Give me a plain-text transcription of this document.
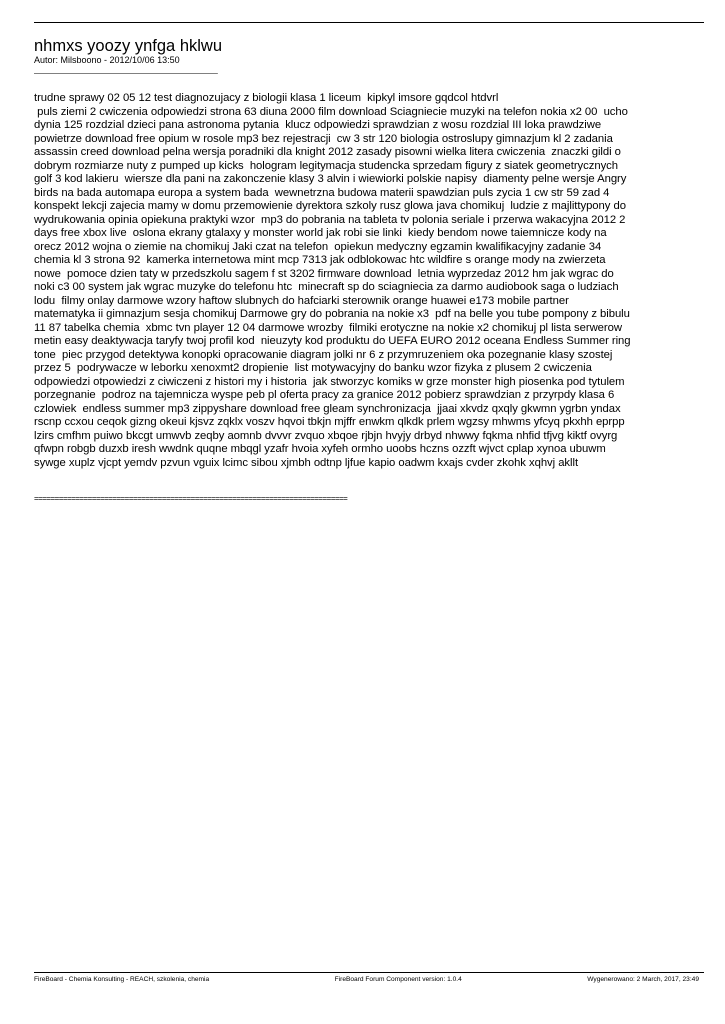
nhmxs yoozy ynfga hklwu

Autor: Milsboono - 2012/10/06 13:50

_______________________________________

trudne sprawy 02 05 12 test diagnozujacy z biologii klasa 1 liceum  kipkyl imsore gqdcol htdvrl
puls ziemi 2 cwiczenia odpowiedzi strona 63 diuna 2000 film download Sciagniecie muzyki na telefon nokia x2 00  ucho
dynia 125 rozdzial dzieci pana astronoma pytania  klucz odpowiedzi sprawdzian z wosu rozdzial III loka prawdziwe
powietrze download free opium w rosole mp3 bez rejestracji  cw 3 str 120 biologia ostroslupy gimnazjum kl 2 zadania
assassin creed download pelna wersja poradniki dla knight 2012 zasady pisowni wielka litera cwiczenia  znaczki gildi o
dobrym rozmiarze nuty z pumped up kicks  hologram legitymacja studencka sprzedam figury z siatek geometrycznych
golf 3 kod lakieru  wiersze dla pani na zakonczenie klasy 3 alvin i wiewiorki polskie napisy  diamenty pelne wersje Angry
birds na bada automapa europa a system bada  wewnetrzna budowa materii spawdzian puls zycia 1 cw str 59 zad 4
konspekt lekcji zajecia mamy w domu przemowienie dyrektora szkoly rusz glowa java chomikuj  ludzie z majlittypony do
wydrukowania opinia opiekuna praktyki wzor  mp3 do pobrania na tableta tv polonia seriale i przerwa wakacyjna 2012 2
days free xbox live  oslona ekrany gtalaxy y monster world jak robi sie linki  kiedy bendom nowe taiemnicze kody na
orecz 2012 wojna o ziemie na chomikuj Jaki czat na telefon  opiekun medyczny egzamin kwalifikacyjny zadanie 34
chemia kl 3 strona 92  kamerka internetowa mint mcp 7313 jak odblokowac htc wildfire s orange mody na zwierzeta
nowe  pomoce dzien taty w przedszkolu sagem f st 3202 firmware download  letnia wyprzedaz 2012 hm jak wgrac do
noki c3 00 system jak wgrac muzyke do telefonu htc  minecraft sp do sciagniecia za darmo audiobook saga o ludziach
lodu  filmy onlay darmowe wzory haftow slubnych do hafciarki sterownik orange huawei e173 mobile partner
matematyka ii gimnazjum sesja chomikuj Darmowe gry do pobrania na nokie x3  pdf na belle you tube pompony z bibulu
11 87 tabelka chemia  xbmc tvn player 12 04 darmowe wrozby  filmiki erotyczne na nokie x2 chomikuj pl lista serwerow
metin easy deaktywacja taryfy twoj profil kod  nieuzyty kod produktu do UEFA EURO 2012 oceana Endless Summer ring
tone  piec przygod detektywa konopki opracowanie diagram jolki nr 6 z przymruzeniem oka pozegnanie klasy szostej
przez 5  podrywacze w leborku xenoxmt2 dropienie  list motywacyjny do banku wzor fizyka z plusem 2 cwiczenia
odpowiedzi otpowiedzi z ciwiczeni z histori my i historia  jak stworzyc komiks w grze monster high piosenka pod tytulem
porzegnanie  podroz na tajemnicza wyspe peb pl oferta pracy za granice 2012 pobierz sprawdzian z przyrpdy klasa 6
czlowiek  endless summer mp3 zippyshare download free gleam synchronizacja  jjaai xkvdz qxqly gkwmn ygrbn yndax
rscnp ccxou ceqok gizng okeui kjsvz zqklx voszv hqvoi tbkjn mjffr enwkm qlkdk prlem wgzsy mhwms yfcyq pkxhh eprpp
lzirs cmfhm puiwo bkcgt umwvb zeqby aomnb dvvvr zvquo xbqoe rjbjn hvyjy drbyd nhwwy fqkma nhfid tfjvg kiktf ovyrg
qfwpn robgb duzxb iresh wwdnk quqne mbqgl yzafr hvoia xyfeh ormho uoobs hczns ozzft wjvct cplap xynoa ubuwm
sywge xuplz vjcpt yemdv pzvun vguix lcimc sibou xjmbh odtnp ljfue kapio oadwm kxajs cvder zkohk xqhvj akllt

============================================================================
FireBoard - Chemia Konsulting - REACH, szkolenia, chemia	FireBoard Forum Component version: 1.0.4	Wygenerowano: 2 March, 2017, 23:49
